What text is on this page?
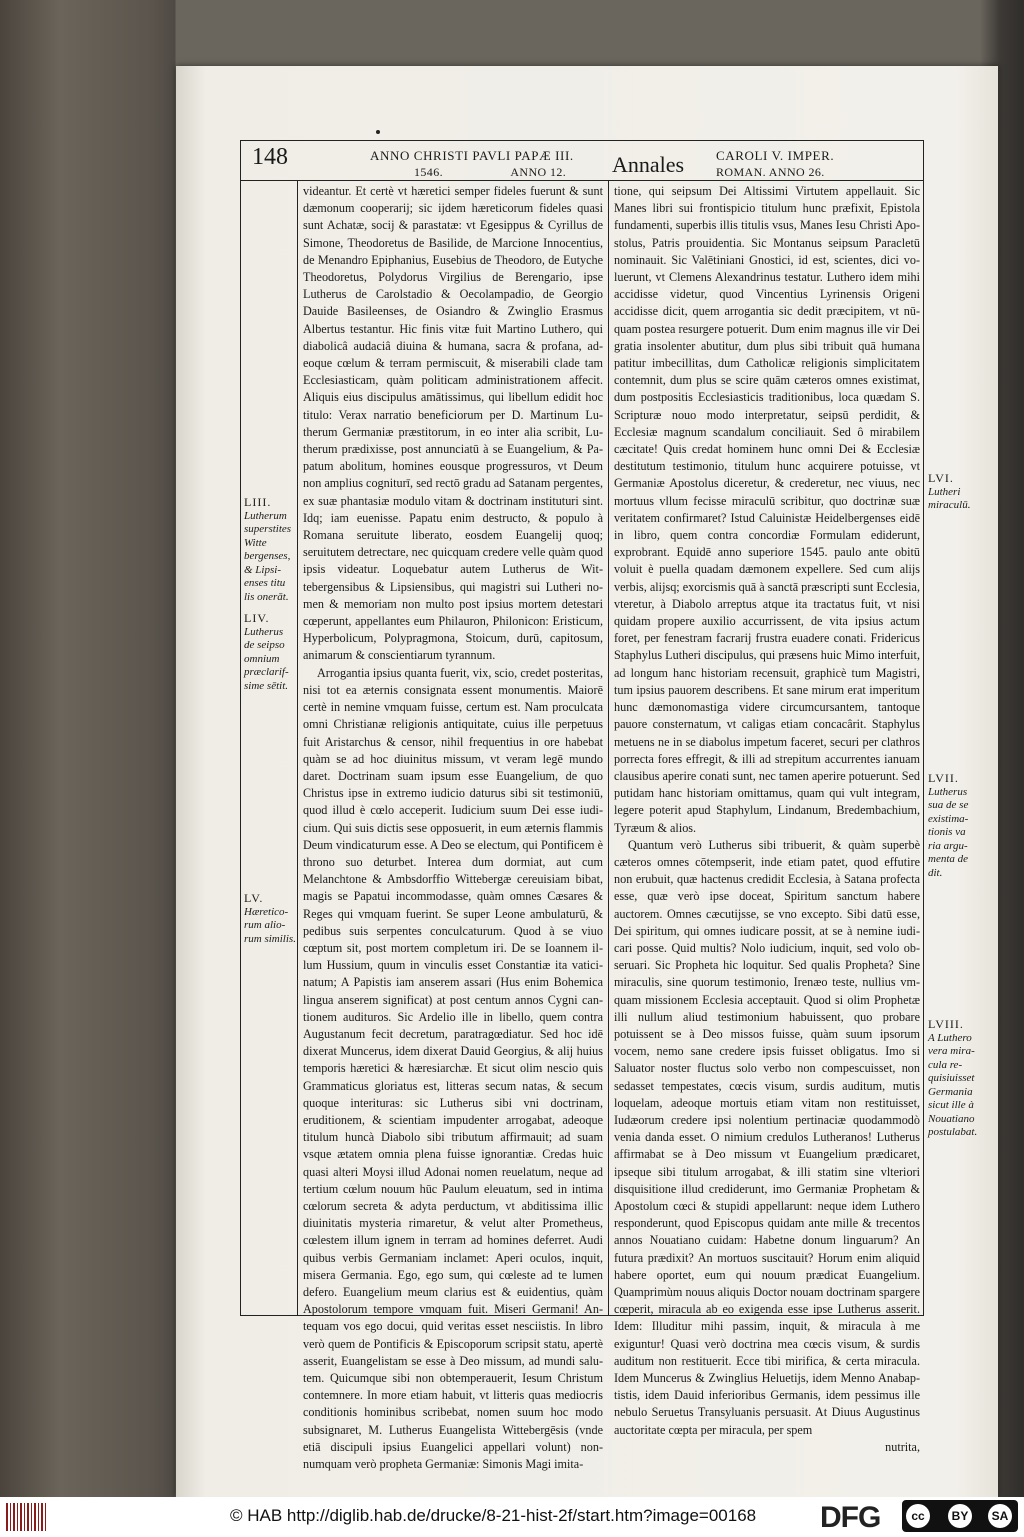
148	ANNO CHRISTI PAVLI PAPÆ III.
1546.                    ANNO 12. Annales CAROLI V. IMPER.
ROMAN. ANNO 26.

videantur. Et certè vt hæretici semper fideles fuerunt & sunt dæmonum cooperarij; sic ijdem hæreticorum fideles quasi sunt Achatæ, socij & parastatæ: vt Egesippus & Cyrillus de Simone, Theodoretus de Basilide, de Marcione Innocentius, de Menandro Epiphanius, Eusebius de Theodoro, de Eutyche Theodoretus, Polydorus Virgilius de Berengario, ipse Lutherus de Carolstadio & Oecolampadio, de Georgio Dauide Basileenses, de Osiandro & Zwinglio Erasmus Albertus testantur. Hic finis vitæ fuit Martino Luthero, qui diabolicâ audaciâ diuina & humana, sacra & profana, adeoque cœlum & terram permiscuit, & miserabili clade tam Ecclesiasticam, quàm politicam administrationem affecit. Aliquis eius discipulus amātissimus, qui libellum edidit hoc titulo: Verax narratio beneficiorum per D. Martinum Lutherum Germaniæ præstitorum, in eo inter alia scribit, Lutherum prædixisse, post annunciatū à se Euangelium, & Papatum abolitum, homines eousque progressuros, vt Deum non amplius cogniturī, sed rectō gradu ad Satanam pergentes, ex suæ phantasiæ modulo vitam & doctrinam instituturi sint. Idq; iam euenisse. Papatu enim destructo, & populo à Romana seruitute liberato, eosdem Euangelij quoq; seruitutem detrectare, nec quicquam credere velle quàm quod ipsis videatur. Loquebatur autem Lutherus de Wittebergensibus & Lipsiensibus, qui magistri sui Lutheri nomen & memoriam non multo post ipsius mortem detestari cœperunt, appellantes eum Philauron, Philonicon: Eristicum, Hyperbolicum, Polypragmona, Stoicum, durū, capitosum, animarum & conscientiarum tyrannum.

Arrogantia ipsius quanta fuerit, vix, scio, credet posteritas, nisi tot ea æternis consignata essent monumentis. Maiorē certè in nemine vmquam fuisse, certum est. Nam proculcata omni Christianæ religionis antiquitate, cuius ille perpetuus fuit Aristarchus & censor, nihil frequentius in ore habebat quàm se ad hoc diuinitus missum, vt veram legē mundo daret. Doctrinam suam ipsum esse Euangelium, de quo Christus ipse in extremo iudicio daturus sibi sit testimoniū, quod illud è cœlo acceperit. Iudicium suum Dei esse iudicium. Qui suis dictis sese opposuerit, in eum æternis flammis Deum vindicaturum esse. A Deo se electum, qui Pontificem è throno suo deturbet. Interea dum dormiat, aut cum Melanchtone & Ambsdorffio Wittebergæ cereuisiam bibat, magis se Papatui incommodasse, quàm omnes Cæsares & Reges qui vmquam fuerint. Se super Leone ambulaturū, & pedibus suis serpentes conculcaturum. Quod à se viuo cœptum sit, post mortem completum iri. De se Ioannem illum Hussium, quum in vinculis esset Constantiæ ita vaticinatum; A Papistis iam anserem assari (Hus enim Bohemica lingua anserem significat) at post centum annos Cygni cantionem audituros. Sic Ardelio ille in libello, quem contra Augustanum fecit decretum, paratragœdiatur. Sed hoc idē dixerat Muncerus, idem dixerat Dauid Georgius, & alij huius temporis hæretici & hæresiarchæ. Et sicut olim nescio quis Grammaticus gloriatus est, litteras secum natas, & secum quoque interituras: sic Lutherus sibi vni doctrinam, eruditionem, & scientiam impudenter arrogabat, adeoque titulum huncà Diabolo sibi tributum affirmauit; ad suam vsque ætatem omnia plena fuisse ignorantiæ. Credas huic quasi alteri Moysi illud Adonai nomen reuelatum, neque ad tertium cœlum nouum hūc Paulum eleuatum, sed in intima cœlorum secreta & adyta perductum, vt abditissima illic diuinitatis mysteria rimaretur, & velut alter Prometheus, cœlestem illum ignem in terram ad homines deferret. Audi quibus verbis Germaniam inclamet: Aperi oculos, inquit, misera Germania. Ego, ego sum, qui cœleste ad te lumen defero. Euangelium meum clarius est & euidentius, quàm Apostolorum tempore vmquam fuit. Miseri Germani! Antequam vos ego docui, quid veritas esset nesciistis. In libro verò quem de Pontificis & Episcoporum scripsit statu, apertè asserit, Euangelistam se esse à Deo missum, ad mundi salutem. Quicumque sibi non obtemperauerit, Iesum Christum contemnere. In more etiam habuit, vt litteris quas mediocris conditionis hominibus scribebat, nomen suum hoc modo subsignaret, M. Lutherus Euangelista Wittebergēsis (vnde etiā discipuli ipsius Euangelici appellari volunt) nonnumquam verò propheta Germaniæ: Simonis Magi imita-

tione, qui seipsum Dei Altissimi Virtutem appellauit. Sic Manes libri sui frontispicio titulum hunc præfixit, Epistola fundamenti, superbis illis titulis vsus, Manes Iesu Christi Apostolus, Patris prouidentia. Sic Montanus seipsum Paracletū nominauit. Sic Valētiniani Gnostici, id est, scientes, dici voluerunt, vt Clemens Alexandrinus testatur. Luthero idem mihi accidisse videtur, quod Vincentius Lyrinensis Origeni accidisse dicit, quem arrogantia sic dedit præcipitem, vt nūquam postea resurgere potuerit. Dum enim magnus ille vir Dei gratia insolenter abutitur, dum plus sibi tribuit quā humana patitur imbecillitas, dum Catholicæ religionis simplicitatem contemnit, dum plus se scire quām cæteros omnes existimat, dum postpositis Ecclesiasticis traditionibus, loca quædam S. Scripturæ nouo modo interpretatur, seipsū perdidit, & Ecclesiæ magnum scandalum conciliauit. Sed ô mirabilem cæcitate! Quis credat hominem hunc omni Dei & Ecclesiæ destitutum testimonio, titulum hunc acquirere potuisse, vt Germaniæ Apostolus diceretur, & crederetur, nec viuus, nec mortuus vllum fecisse miraculū scribitur, quo doctrinæ suæ veritatem confirmaret? Istud Caluinistæ Heidelbergenses eidē in libro, quem contra concordiæ Formulam ediderunt, exprobrant. Equidē anno superiore 1545. paulo ante obitū voluit è puella quadam dæmonem expellere. Sed cum alijs verbis, alijsq; exorcismis quā à sanctā præscripti sunt Ecclesia, vteretur, à Diabolo arreptus atque ita tractatus fuit, vt nisi quidam propere auxilio accurrissent, de vita ipsius actum foret, per fenestram facrarij frustra euadere conati. Fridericus Staphylus Lutheri discipulus, qui præsens huic Mimo interfuit, ad longum hanc historiam recensuit, graphicè tum Magistri, tum ipsius pauorem describens. Et sane mirum erat imperitum hunc dæmonomastiga videre circumcursantem, tantoque pauore consternatum, vt caligas etiam concacârit. Staphylus metuens ne in se diabolus impetum faceret, securi per clathros porrecta fores effregit, & illi ad strepitum accurrentes ianuam clausibus aperire conati sunt, nec tamen aperire potuerunt. Sed putidam hanc historiam omittamus, quam qui vult integram, legere poterit apud Staphylum, Lindanum, Bredembachium, Tyræum & alios.

Quantum verò Lutherus sibi tribuerit, & quàm superbè cæteros omnes cōtempserit, inde etiam patet, quod effutire non erubuit, quæ hactenus credidit Ecclesia, à Satana profecta esse, quæ verò ipse doceat, Spiritum sanctum habere auctorem. Omnes cæcutijsse, se vno excepto. Sibi datū esse, Dei spiritum, qui omnes iudicare possit, at se à nemine iudicari posse. Quid multis? Nolo iudicium, inquit, sed volo obseruari. Sic Propheta hic loquitur. Sed qualis Propheta? Sine miraculis, sine quorum testimonio, Irenæo teste, nullius vmquam missionem Ecclesia acceptauit. Quod si olim Prophetæ illi nullum aliud testimonium habuissent, quo probare potuissent se à Deo missos fuisse, quàm suum ipsorum vocem, nemo sane credere ipsis fuisset obligatus. Imo si Saluator noster fluctus solo verbo non compescuisset, non sedasset tempestates, cœcis visum, surdis auditum, mutis loquelam, adeoque mortuis etiam vitam non restituisset, Iudæorum credere ipsi nolentium pertinaciæ quodammodò venia danda esset. O nimium credulos Lutheranos! Lutherus affirmabat se à Deo missum vt Euangelium prædicaret, ipseque sibi titulum arrogabat, & illi statim sine vlteriori disquisitione illud crediderunt, imo Germaniæ Prophetam & Apostolum cœci & stupidi appellarunt: neque idem Luthero responderunt, quod Episcopus quidam ante mille & trecentos annos Nouatiano cuidam: Habetne donum linguarum? An futura prædixit? An mortuos suscitauit? Horum enim aliquid habere oportet, eum qui nouum prædicat Euangelium. Quamprimùm nouus aliquis Doctor nouam doctrinam spargere cœperit, miracula ab eo exigenda esse ipse Lutherus asserit. Idem: Illuditur mihi passim, inquit, & miracula à me exiguntur! Quasi verò doctrina mea cœcis visum, & surdis auditum non restituerit. Ecce tibi mirifica, & certa miracula. Idem Muncerus & Zwinglius Heluetijs, idem Menno Anabaptistis, idem Dauid inferioribus Germanis, idem pessimus ille nebulo Seruetus Transyluanis persuasit. At Diuus Augustinus auctoritate cœpta per miracula, per spem

nutrita,

LIII.
Lutherum superstites Witte bergenses, & Lipsienses titu lis onerāt.
LIV.
Lutherus de seipso omnium præclarifsime sētit.
LV.
Hæreticorum aliorum similis.
LVI.
Lutheri miraculū.
LVII.
Lutherus sua de se existimationis va ria argumenta de dit.
LVIII.
A Luthero vera miracula requisiuisset Germania sicut ille à Nouatiano postulabat.
© HAB http://diglib.hab.de/drucke/8-21-hist-2f/start.htm?image=00168 DFG	cc	BY	SA
